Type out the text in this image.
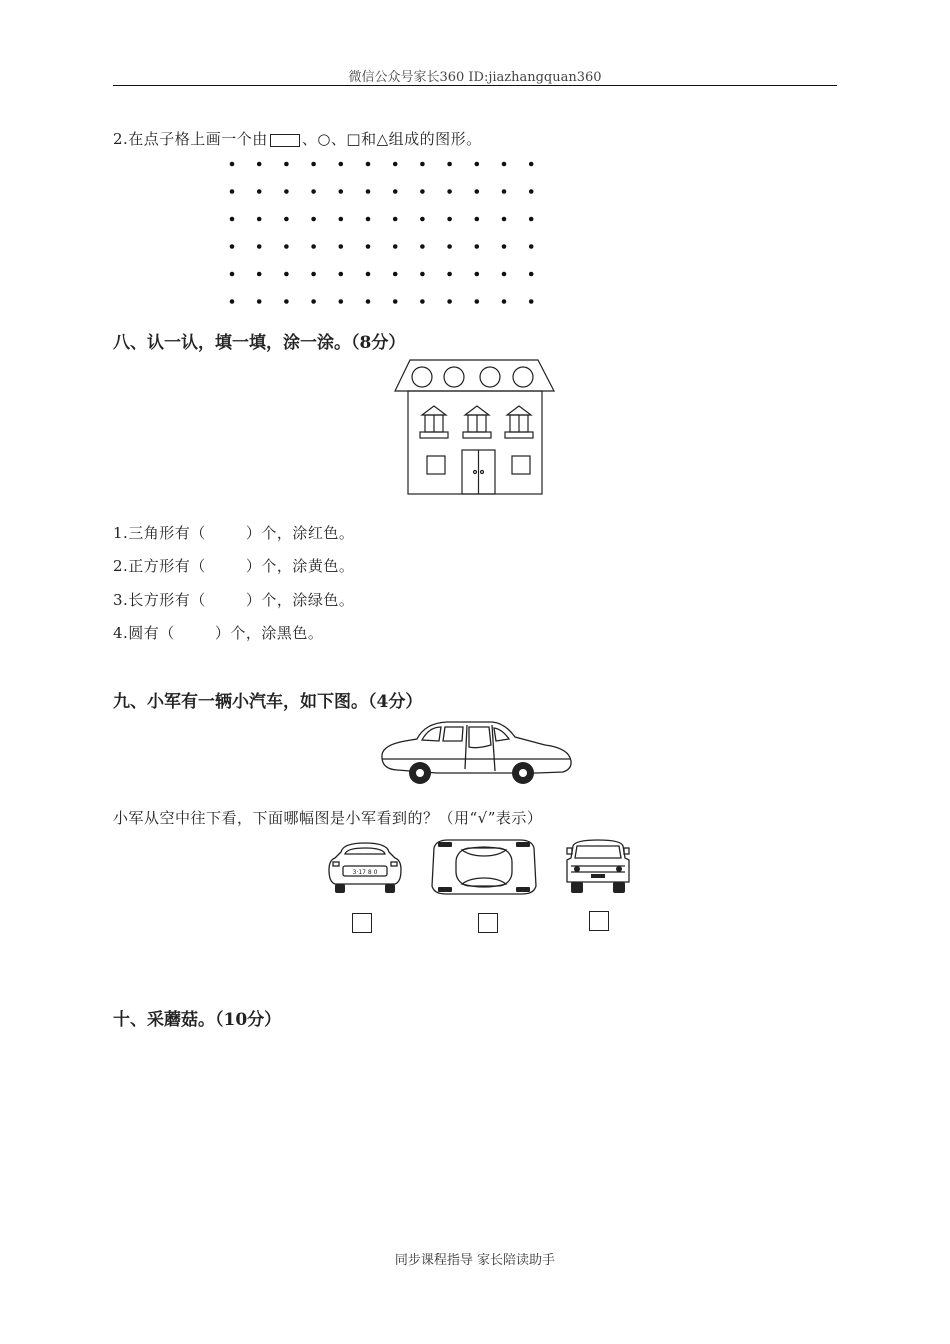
微信公众号家长360 ID:jiazhangquan360
2.在点子格上画一个由 、○、□和△组成的图形。
八、认一认，填一填，涂一涂。（8分）
1.三角形有（	）个，涂红色。
2.正方形有（	）个，涂黄色。
3.长方形有（	）个，涂绿色。
4.圆有（	）个，涂黑色。
九、小军有一辆小汽车，如下图。（4分）
小军从空中往下看，下面哪幅图是小军看到的？（用“√”表示）
3·17 8 0
十、采蘑菇。（10分）
同步课程指导 家长陪读助手
